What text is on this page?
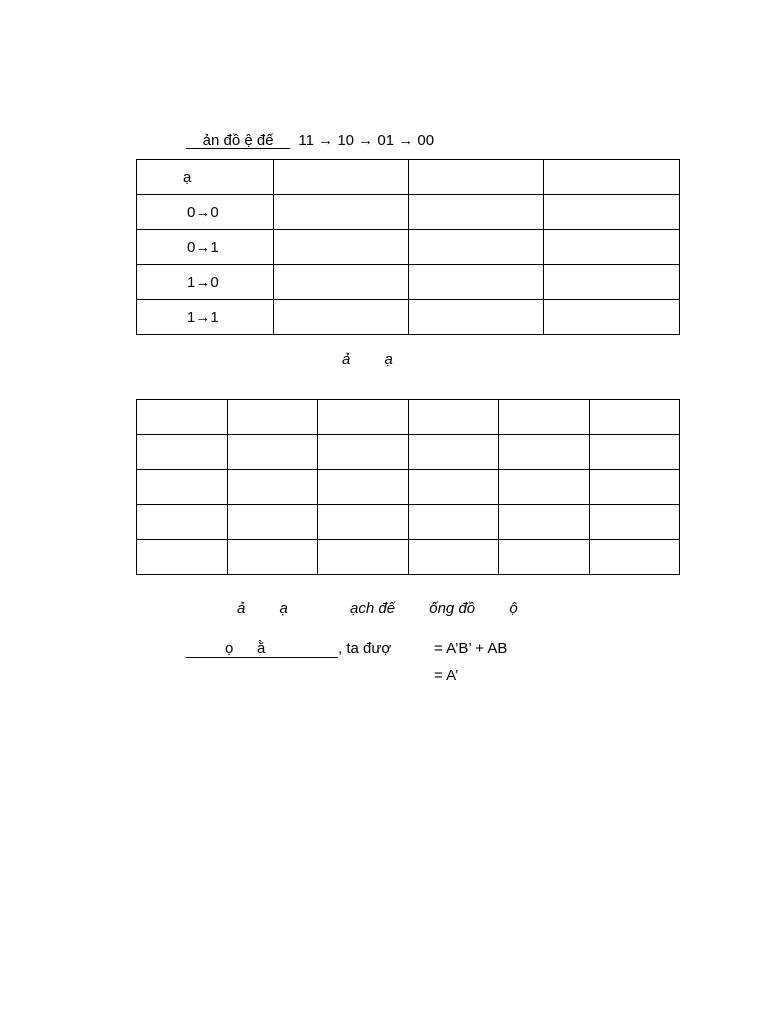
ản đồ ệ đế 11 → 10 → 01 → 00
ạ			
0→0			
0→1			
1→0			
1→1			
ả ạ

ả ạ	ạch đế ống đồ ộ
ọ ằ	, ta đượ	= A’B’ + AB
= A’
